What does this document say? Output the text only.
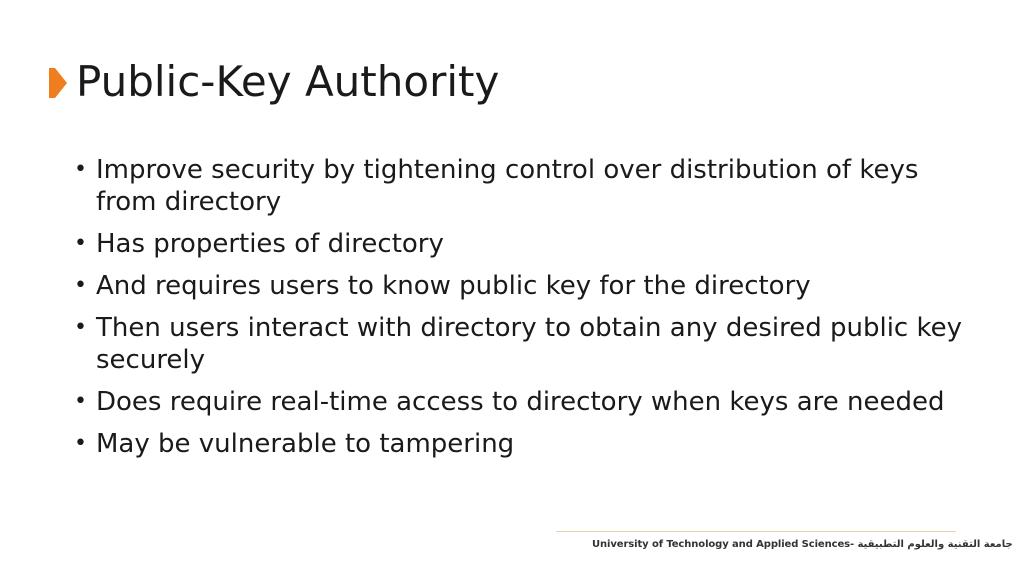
Public-Key Authority
• Improve security by tightening control over distribution of keys from directory
• Has properties of directory
• And requires users to know public key for the directory
• Then users interact with directory to obtain any desired public key securely
• Does require real-time access to directory when keys are needed
• May be vulnerable to tampering
University of Technology and Applied Sciences- جامعة التقنية والعلوم التطبيقية
